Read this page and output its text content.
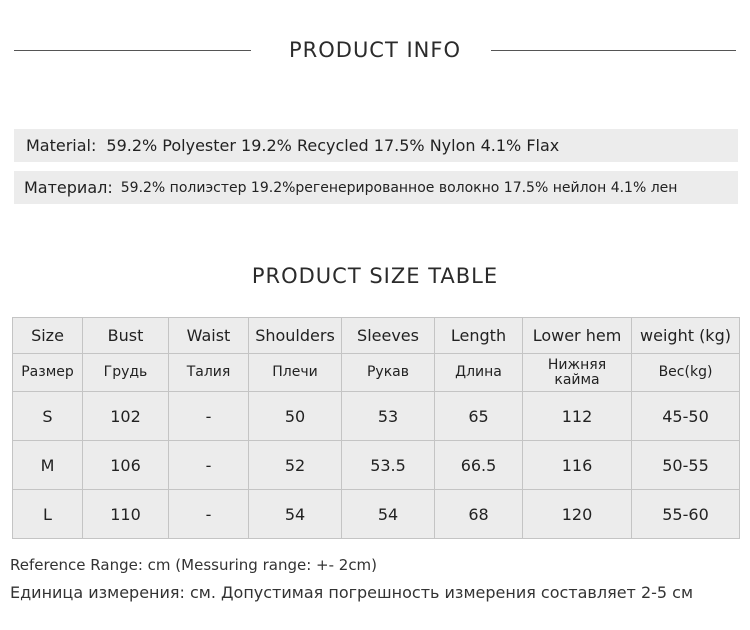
PRODUCT INFO
Material: 59.2% Polyester 19.2% Recycled 17.5% Nylon 4.1% Flax
Материал: 59.2% полиэстер 19.2%регенерированное волокно 17.5% нейлон 4.1% лен
PRODUCT SIZE TABLE
Size	Bust	Waist	Shoulders	Sleeves	Length	Lower hem	weight (kg)
Размер	Грудь	Талия	Плечи	Рукав	Длина	Нижняя кайма	Вес(kg)
S	102	-	50	53	65	112	45-50
M	106	-	52	53.5	66.5	116	50-55
L	110	-	54	54	68	120	55-60
Reference Range: cm (Messuring range: +- 2cm)
Единица измерения: см. Допустимая погрешность измерения составляет 2-5 см
